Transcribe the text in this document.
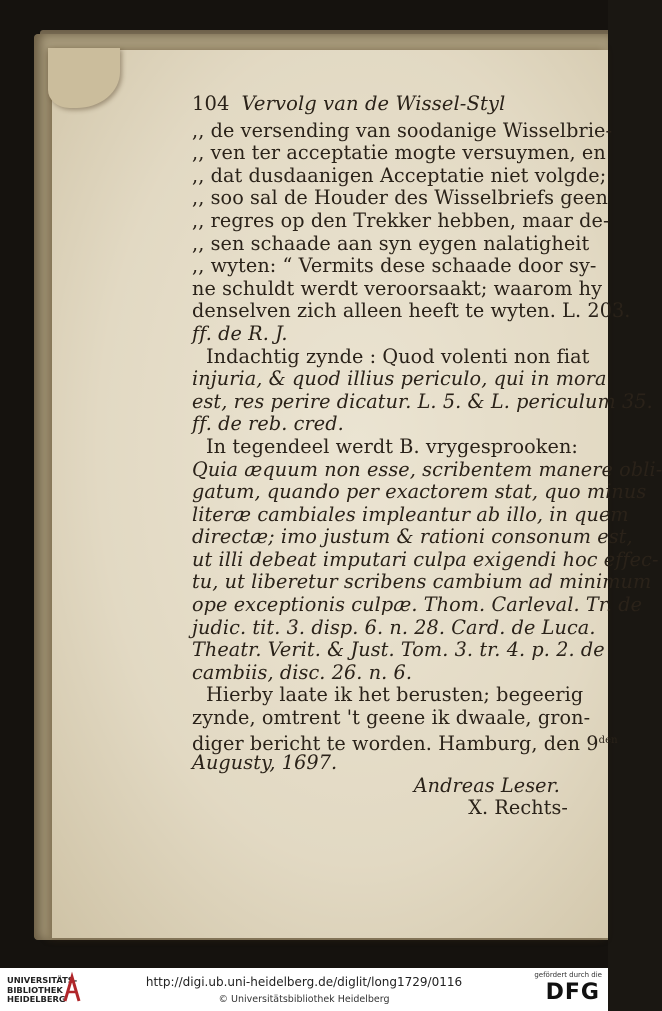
104 Vervolg van de Wissel-Styl
,, de versending van soodanige Wisselbrie-
,, ven ter acceptatie mogte versuymen, en
,, dat dusdaanigen Acceptatie niet volgde;
,, soo sal de Houder des Wisselbriefs geen
,, regres op den Trekker hebben, maar de-
,, sen schaade aan syn eygen nalatigheit
,, wyten: “ Vermits dese schaade door sy-
ne schuldt werdt veroorsaakt; waarom hy
denselven zich alleen heeft te wyten. L. 203.
ff. de R. J.
Indachtig zynde : Quod volenti non fiat
injuria, & quod illius periculo, qui in mora
est, res perire dicatur. L. 5. & L. periculum 35.
ff. de reb. cred.
In tegendeel werdt B. vrygesprooken:
Quia æquum non esse, scribentem manere obli-
gatum, quando per exactorem stat, quo minus
literæ cambiales impleantur ab illo, in quem
directæ; imo justum & rationi consonum est,
ut illi debeat imputari culpa exigendi hoc effec-
tu, ut liberetur scribens cambium ad minimum
ope exceptionis culpæ. Thom. Carleval. Tr. de
judic. tit. 3. disp. 6. n. 28. Card. de Luca.
Theatr. Verit. & Just. Tom. 3. tr. 4. p. 2. de
cambiis, disc. 26. n. 6.
Hierby laate ik het berusten; begeerig
zynde, omtrent 't geene ik dwaale, gron-
diger bericht te worden. Hamburg, den $9^{den}$
Augusty, 1697.
Andreas Leser.
X. Rechts-
UNIVERSITÄTS-
BIBLIOTHEK
HEIDELBERG
http://digi.ub.uni-heidelberg.de/diglit/long1729/0116
© Universitätsbibliothek Heidelberg
gefördert durch die
DFG
